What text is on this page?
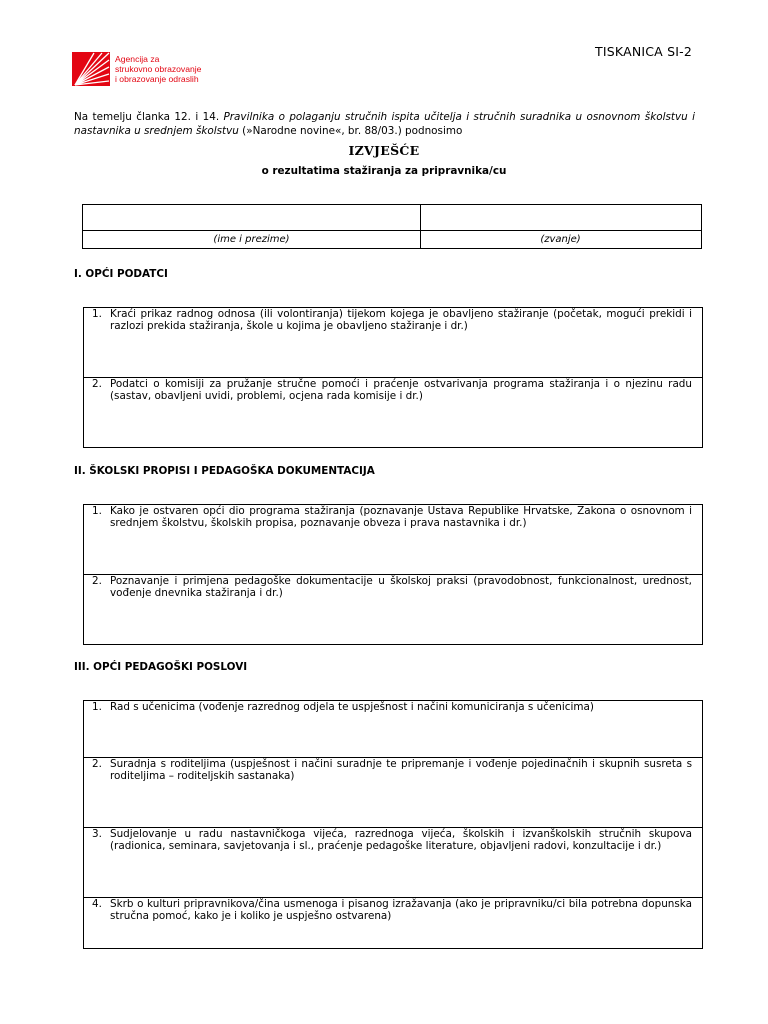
Agencija za
strukovno obrazovanje
i obrazovanje odraslih
TISKANICA SI-2
Na temelju članka 12. i 14. Pravilnika o polaganju stručnih ispita učitelja i stručnih suradnika u osnovnom školstvu i nastavnika u srednjem školstvu (»Narodne novine«, br. 88/03.) podnosimo
IZVJEŠĆE
o rezultatima stažiranja za pripravnika/cu
(ime i prezime)	(zvanje)
I. OPĆI PODATCI
1. Kraći prikaz radnog odnosa (ili volontiranja) tijekom kojega je obavljeno stažiranje (početak, mogući prekidi i razlozi prekida stažiranja, škole u kojima je obavljeno stažiranje i dr.)
2. Podatci o komisiji za pružanje stručne pomoći i praćenje ostvarivanja programa stažiranja i o njezinu radu (sastav, obavljeni uvidi, problemi, ocjena rada komisije i dr.)
II. ŠKOLSKI PROPISI I PEDAGOŠKA DOKUMENTACIJA
1. Kako je ostvaren opći dio programa stažiranja (poznavanje Ustava Republike Hrvatske, Zakona o osnovnom i srednjem školstvu, školskih propisa, poznavanje obveza i prava nastavnika i dr.)
2. Poznavanje i primjena pedagoške dokumentacije u školskoj praksi (pravodobnost, funkcionalnost, urednost, vođenje dnevnika stažiranja i dr.)
III. OPĆI PEDAGOŠKI POSLOVI
1. Rad s učenicima (vođenje razrednog odjela te uspješnost i načini komuniciranja s učenicima)
2. Suradnja s roditeljima (uspješnost i načini suradnje te pripremanje i vođenje pojedinačnih i skupnih susreta s roditeljima – roditeljskih sastanaka)
3. Sudjelovanje u radu nastavničkoga vijeća, razrednoga vijeća, školskih i izvanškolskih stručnih skupova (radionica, seminara, savjetovanja i sl., praćenje pedagoške literature, objavljeni radovi, konzultacije i dr.)
4. Skrb o kulturi pripravnikova/čina usmenoga i pisanog izražavanja (ako je pripravniku/ci bila potrebna dopunska stručna pomoć, kako je i koliko je uspješno ostvarena)
